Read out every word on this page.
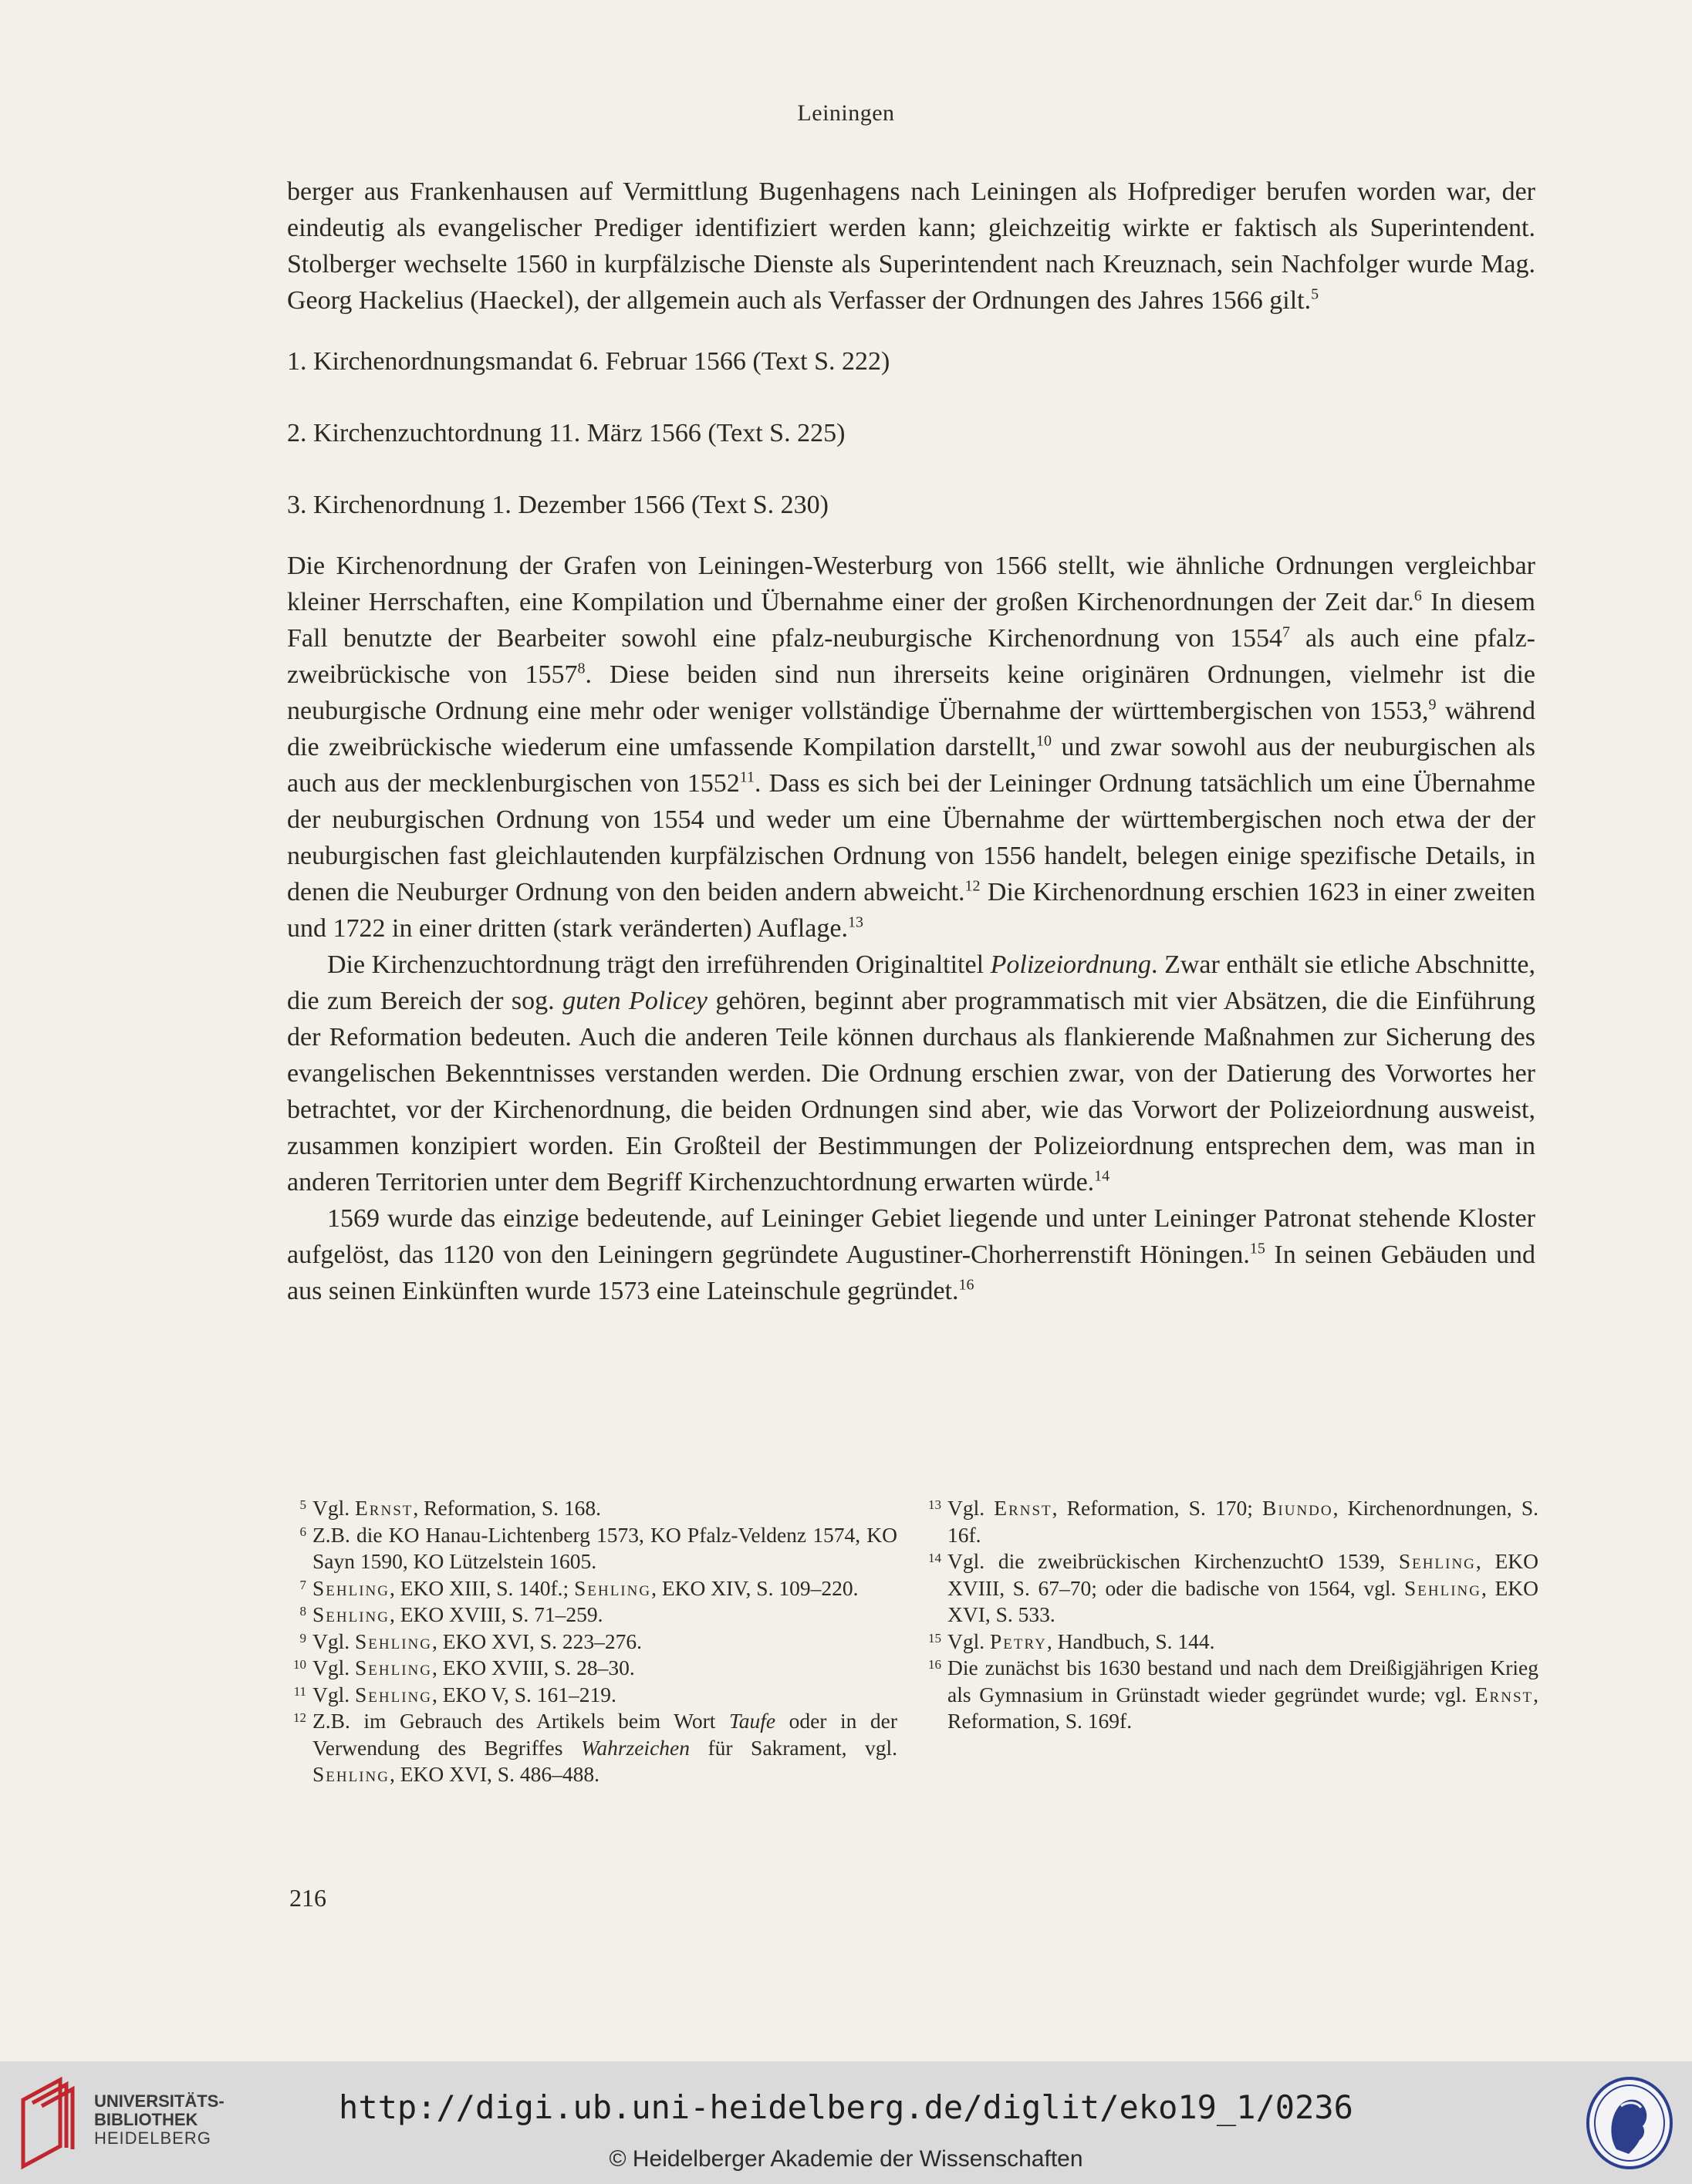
Leiningen

berger aus Frankenhausen auf Vermittlung Bugenhagens nach Leiningen als Hofprediger berufen worden war, der eindeutig als evangelischer Prediger identifiziert werden kann; gleichzeitig wirkte er faktisch als Superintendent. Stolberger wechselte 1560 in kurpfälzische Dienste als Superintendent nach Kreuznach, sein Nachfolger wurde Mag. Georg Hackelius (Haeckel), der allgemein auch als Verfasser der Ordnungen des Jahres 1566 gilt.$^5$

1. Kirchenordnungsmandat 6. Februar 1566 (Text S. 222)

2. Kirchenzuchtordnung 11. März 1566 (Text S. 225)

3. Kirchenordnung 1. Dezember 1566 (Text S. 230)

Die Kirchenordnung der Grafen von Leiningen-Westerburg von 1566 stellt, wie ähnliche Ordnungen vergleichbar kleiner Herrschaften, eine Kompilation und Übernahme einer der großen Kirchenordnungen der Zeit dar.$^6$ In diesem Fall benutzte der Bearbeiter sowohl eine pfalz-neuburgische Kirchenordnung von 1554$^7$ als auch eine pfalz-zweibrückische von 1557$^8$. Diese beiden sind nun ihrerseits keine originären Ordnungen, vielmehr ist die neuburgische Ordnung eine mehr oder weniger vollständige Übernahme der württembergischen von 1553,$^9$ während die zweibrückische wiederum eine umfassende Kompilation darstellt,$^{10}$ und zwar sowohl aus der neuburgischen als auch aus der mecklenburgischen von 1552$^{11}$. Dass es sich bei der Leininger Ordnung tatsächlich um eine Übernahme der neuburgischen Ordnung von 1554 und weder um eine Übernahme der württembergischen noch etwa der der neuburgischen fast gleichlautenden kurpfälzischen Ordnung von 1556 handelt, belegen einige spezifische Details, in denen die Neuburger Ordnung von den beiden andern abweicht.$^{12}$ Die Kirchenordnung erschien 1623 in einer zweiten und 1722 in einer dritten (stark veränderten) Auflage.$^{13}$

Die Kirchenzuchtordnung trägt den irreführenden Originaltitel Polizeiordnung. Zwar enthält sie etliche Abschnitte, die zum Bereich der sog. guten Policey gehören, beginnt aber programmatisch mit vier Absätzen, die die Einführung der Reformation bedeuten. Auch die anderen Teile können durchaus als flankierende Maßnahmen zur Sicherung des evangelischen Bekenntnisses verstanden werden. Die Ordnung erschien zwar, von der Datierung des Vorwortes her betrachtet, vor der Kirchenordnung, die beiden Ordnungen sind aber, wie das Vorwort der Polizeiordnung ausweist, zusammen konzipiert worden. Ein Großteil der Bestimmungen der Polizeiordnung entsprechen dem, was man in anderen Territorien unter dem Begriff Kirchenzuchtordnung erwarten würde.$^{14}$

1569 wurde das einzige bedeutende, auf Leininger Gebiet liegende und unter Leininger Patronat stehende Kloster aufgelöst, das 1120 von den Leiningern gegründete Augustiner-Chorherrenstift Höningen.$^{15}$ In seinen Gebäuden und aus seinen Einkünften wurde 1573 eine Lateinschule gegründet.$^{16}$

5 Vgl. Ernst, Reformation, S. 168.
6 Z.B. die KO Hanau-Lichtenberg 1573, KO Pfalz-Veldenz 1574, KO Sayn 1590, KO Lützelstein 1605.
7 Sehling, EKO XIII, S. 140f.; Sehling, EKO XIV, S. 109–220.
8 Sehling, EKO XVIII, S. 71–259.
9 Vgl. Sehling, EKO XVI, S. 223–276.
10 Vgl. Sehling, EKO XVIII, S. 28–30.
11 Vgl. Sehling, EKO V, S. 161–219.
12 Z.B. im Gebrauch des Artikels beim Wort Taufe oder in der Verwendung des Begriffes Wahrzeichen für Sakrament, vgl. Sehling, EKO XVI, S. 486–488.
13 Vgl. Ernst, Reformation, S. 170; Biundo, Kirchenordnungen, S. 16f.
14 Vgl. die zweibrückischen KirchenzuchtO 1539, Sehling, EKO XVIII, S. 67–70; oder die badische von 1564, vgl. Sehling, EKO XVI, S. 533.
15 Vgl. Petry, Handbuch, S. 144.
16 Die zunächst bis 1630 bestand und nach dem Dreißigjährigen Krieg als Gymnasium in Grünstadt wieder gegründet wurde; vgl. Ernst, Reformation, S. 169f.
216
UNIVERSITÄTS-
BIBLIOTHEK
HEIDELBERG
http://digi.ub.uni-heidelberg.de/diglit/eko19_1/0236
© Heidelberger Akademie der Wissenschaften
